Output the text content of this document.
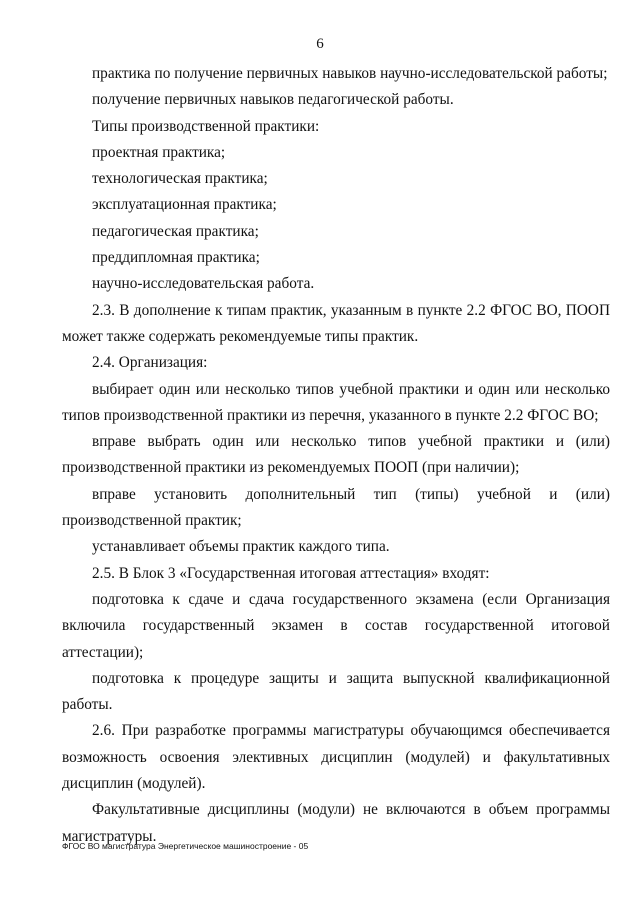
6

практика по получение первичных навыков научно-исследовательской работы;

получение первичных навыков педагогической работы.

Типы производственной практики:

проектная практика;

технологическая практика;

эксплуатационная практика;

педагогическая практика;

преддипломная практика;

научно-исследовательская работа.

2.3. В дополнение к типам практик, указанным в пункте 2.2 ФГОС ВО, ПООП может также содержать рекомендуемые типы практик.

2.4. Организация:

выбирает один или несколько типов учебной практики и один или несколько типов производственной практики из перечня, указанного в пункте 2.2 ФГОС ВО;

вправе выбрать один или несколько типов учебной практики и (или) производственной практики из рекомендуемых ПООП (при наличии);

вправе установить дополнительный тип (типы) учебной и (или) производственной практик;

устанавливает объемы практик каждого типа.

2.5. В Блок 3 «Государственная итоговая аттестация» входят:

подготовка к сдаче и сдача государственного экзамена (если Организация включила государственный экзамен в состав государственной итоговой аттестации);

подготовка к процедуре защиты и защита выпускной квалификационной работы.

2.6. При разработке программы магистратуры обучающимся обеспечивается возможность освоения элективных дисциплин (модулей) и факультативных дисциплин (модулей).

Факультативные дисциплины (модули) не включаются в объем программы магистратуры.

ФГОС ВО магистратура Энергетическое машиностроение - 05
